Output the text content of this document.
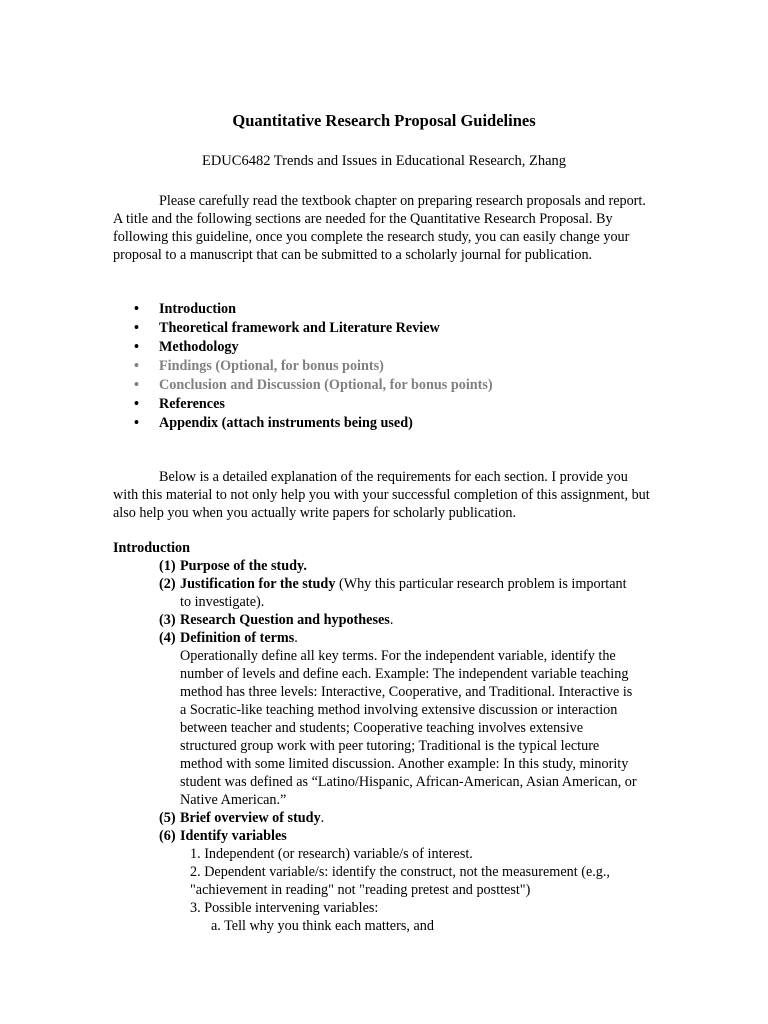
Quantitative Research Proposal Guidelines
EDUC6482 Trends and Issues in Educational Research, Zhang

Please carefully read the textbook chapter on preparing research proposals and report. A title and the following sections are needed for the Quantitative Research Proposal. By following this guideline, once you complete the research study, you can easily change your proposal to a manuscript that can be submitted to a scholarly journal for publication.

• Introduction
• Theoretical framework and Literature Review
• Methodology
• Findings (Optional, for bonus points)
• Conclusion and Discussion (Optional, for bonus points)
• References
• Appendix (attach instruments being used)

Below is a detailed explanation of the requirements for each section. I provide you with this material to not only help you with your successful completion of this assignment, but also help you when you actually write papers for scholarly publication.

Introduction
(1) Purpose of the study.
(2) Justification for the study (Why this particular research problem is important to investigate).
(3) Research Question and hypotheses.
(4) Definition of terms.
Operationally define all key terms. For the independent variable, identify the number of levels and define each. Example: The independent variable teaching method has three levels: Interactive, Cooperative, and Traditional. Interactive is a Socratic-like teaching method involving extensive discussion or interaction between teacher and students; Cooperative teaching involves extensive structured group work with peer tutoring; Traditional is the typical lecture method with some limited discussion. Another example: In this study, minority student was defined as “Latino/Hispanic, African-American, Asian American, or Native American.”
(5) Brief overview of study.
(6) Identify variables
1. Independent (or research) variable/s of interest.
2. Dependent variable/s: identify the construct, not the measurement (e.g., "achievement in reading" not "reading pretest and posttest")
3. Possible intervening variables:
a. Tell why you think each matters, and
